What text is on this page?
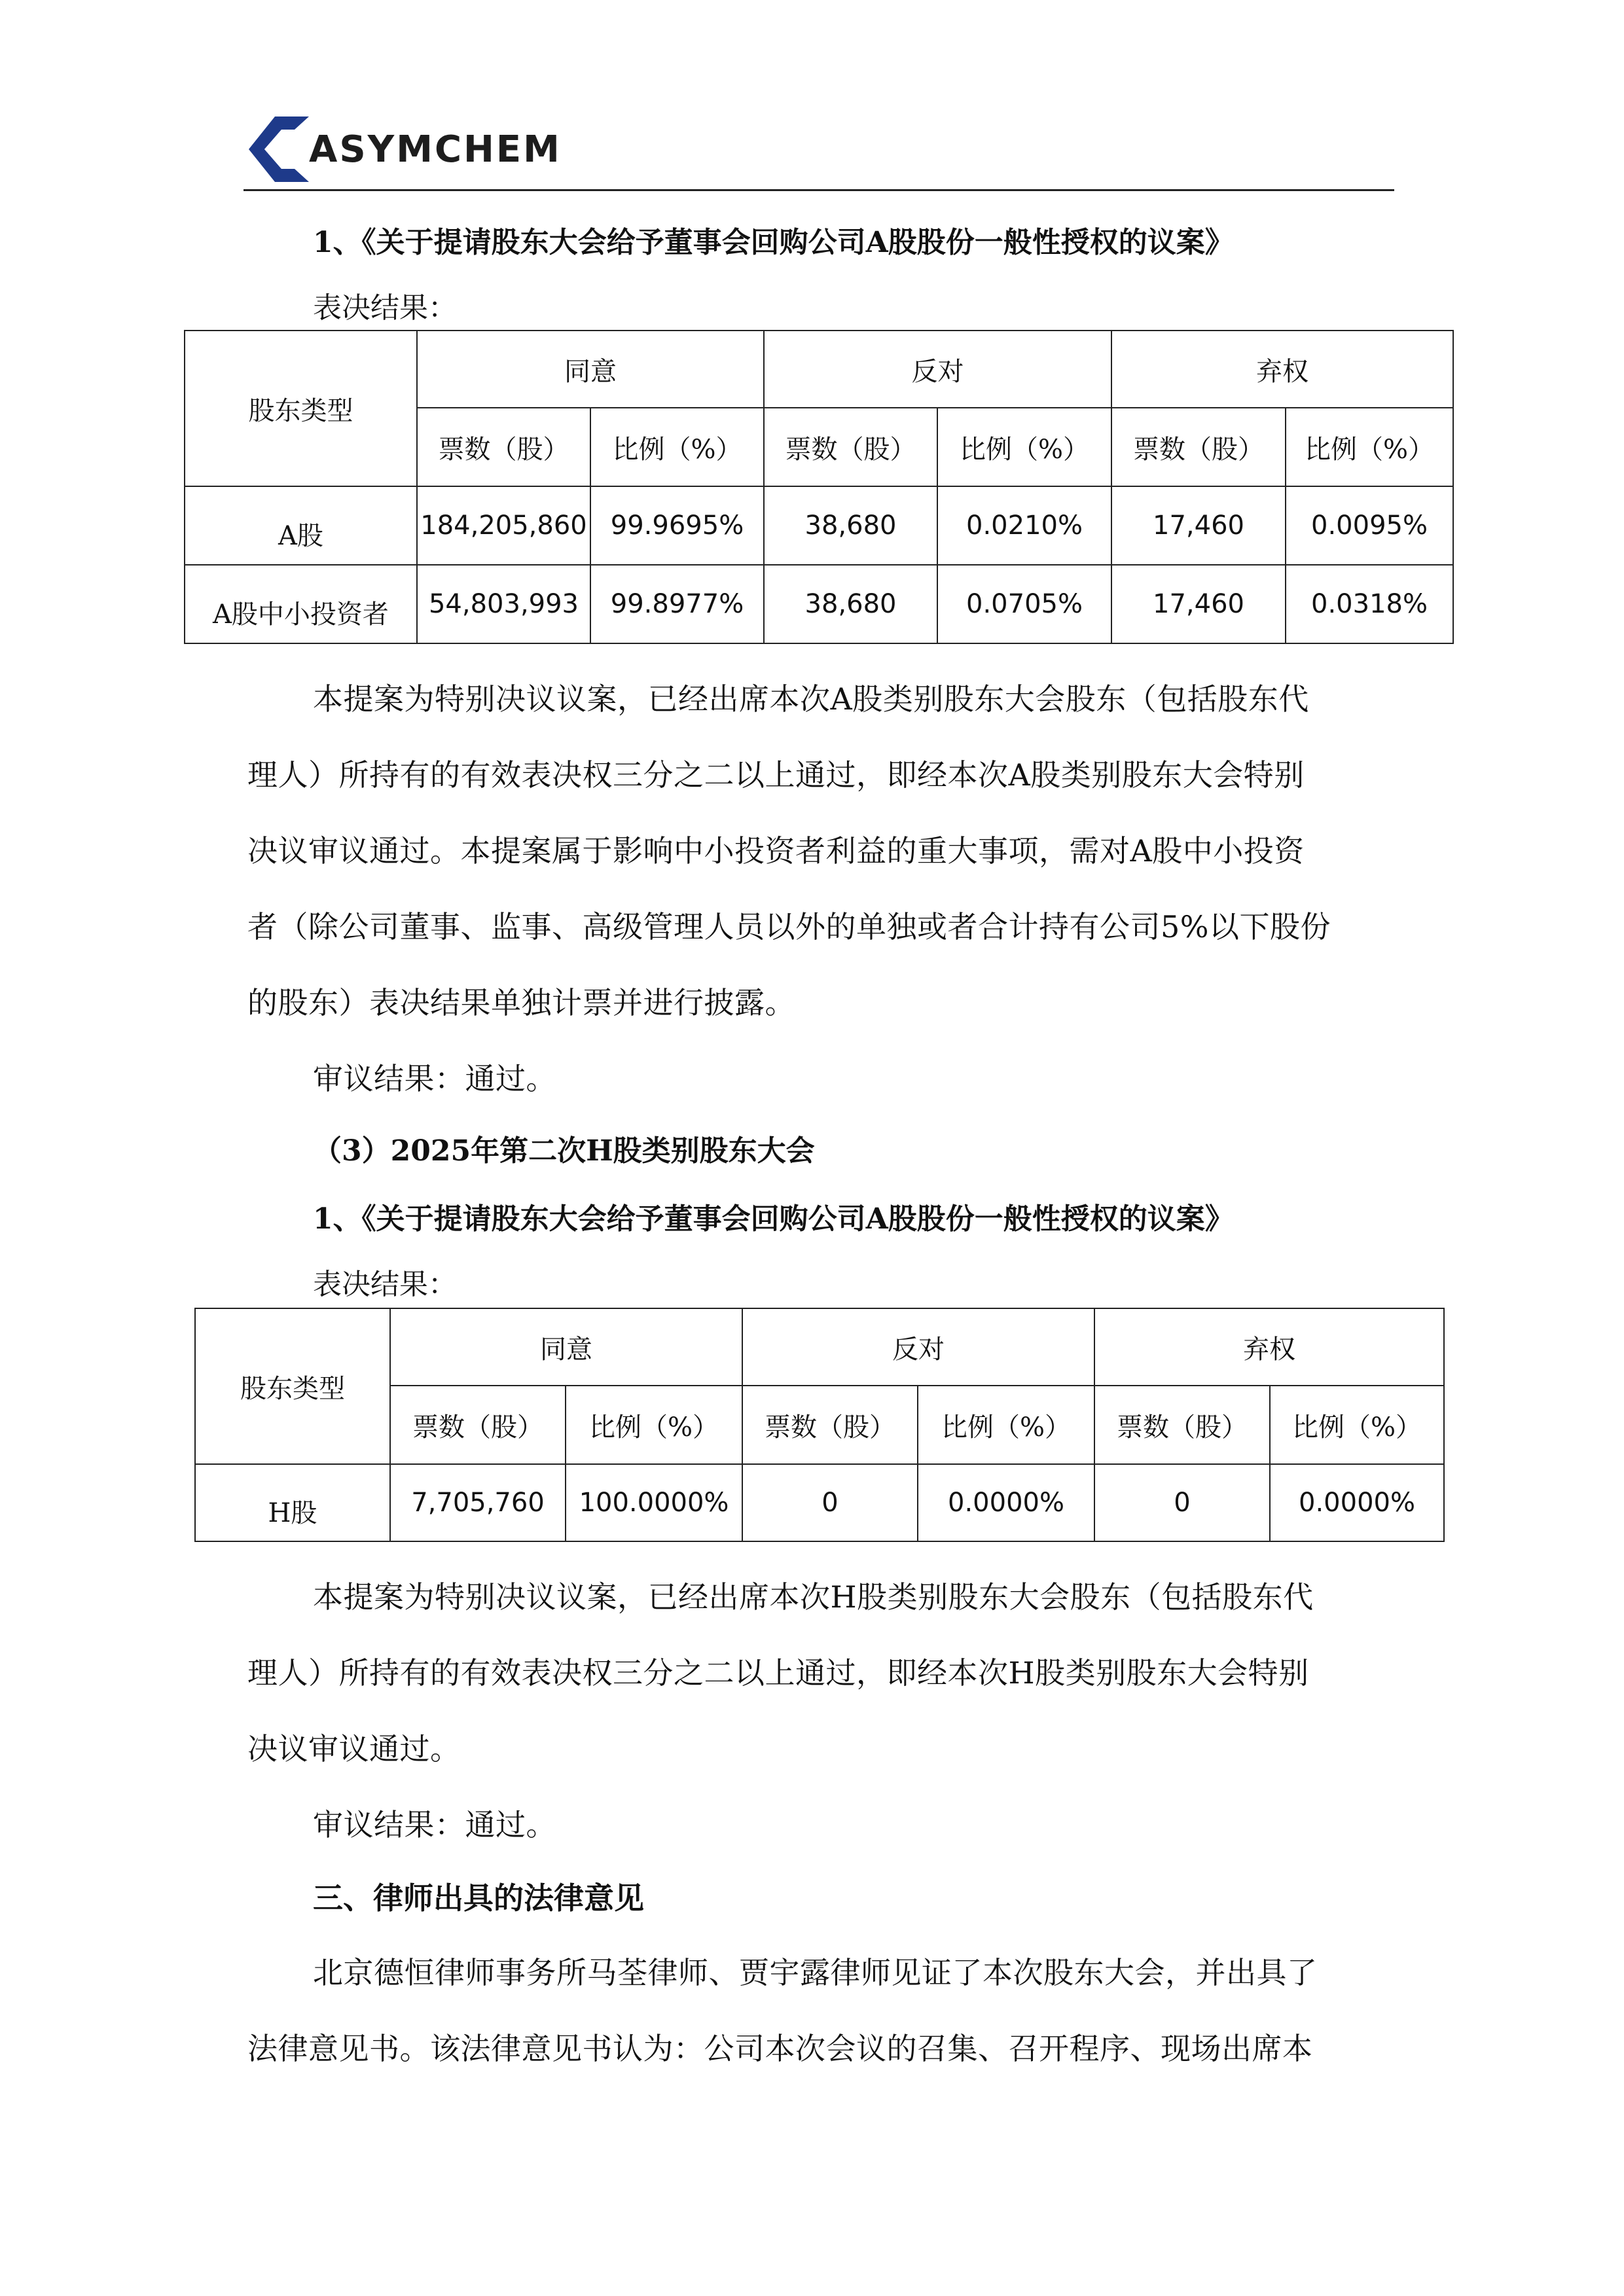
ASYMCHEM
1、《关于提请股东大会给予董事会回购公司A股股份一般性授权的议案》
表决结果：
股东类型	同意		反对		弃权	
	票数（股）	比例（%）	票数（股）	比例（%）	票数（股）	比例（%）
A股	184,205,860	99.9695%	38,680	0.0210%	17,460	0.0095%
A股中小投资者	54,803,993	99.8977%	38,680	0.0705%	17,460	0.0318%
本提案为特别决议议案，已经出席本次A股类别股东大会股东（包括股东代
理人）所持有的有效表决权三分之二以上通过，即经本次A股类别股东大会特别
决议审议通过。本提案属于影响中小投资者利益的重大事项，需对A股中小投资
者（除公司董事、监事、高级管理人员以外的单独或者合计持有公司5%以下股份
的股东）表决结果单独计票并进行披露。
审议结果：通过。
（3）2025年第二次H股类别股东大会
1、《关于提请股东大会给予董事会回购公司A股股份一般性授权的议案》
表决结果：
股东类型	同意		反对		弃权	
	票数（股）	比例（%）	票数（股）	比例（%）	票数（股）	比例（%）
H股	7,705,760	100.0000%	0	0.0000%	0	0.0000%
本提案为特别决议议案，已经出席本次H股类别股东大会股东（包括股东代
理人）所持有的有效表决权三分之二以上通过，即经本次H股类别股东大会特别
决议审议通过。
审议结果：通过。
三、律师出具的法律意见
北京德恒律师事务所马荃律师、贾宇露律师见证了本次股东大会，并出具了
法律意见书。该法律意见书认为：公司本次会议的召集、召开程序、现场出席本
